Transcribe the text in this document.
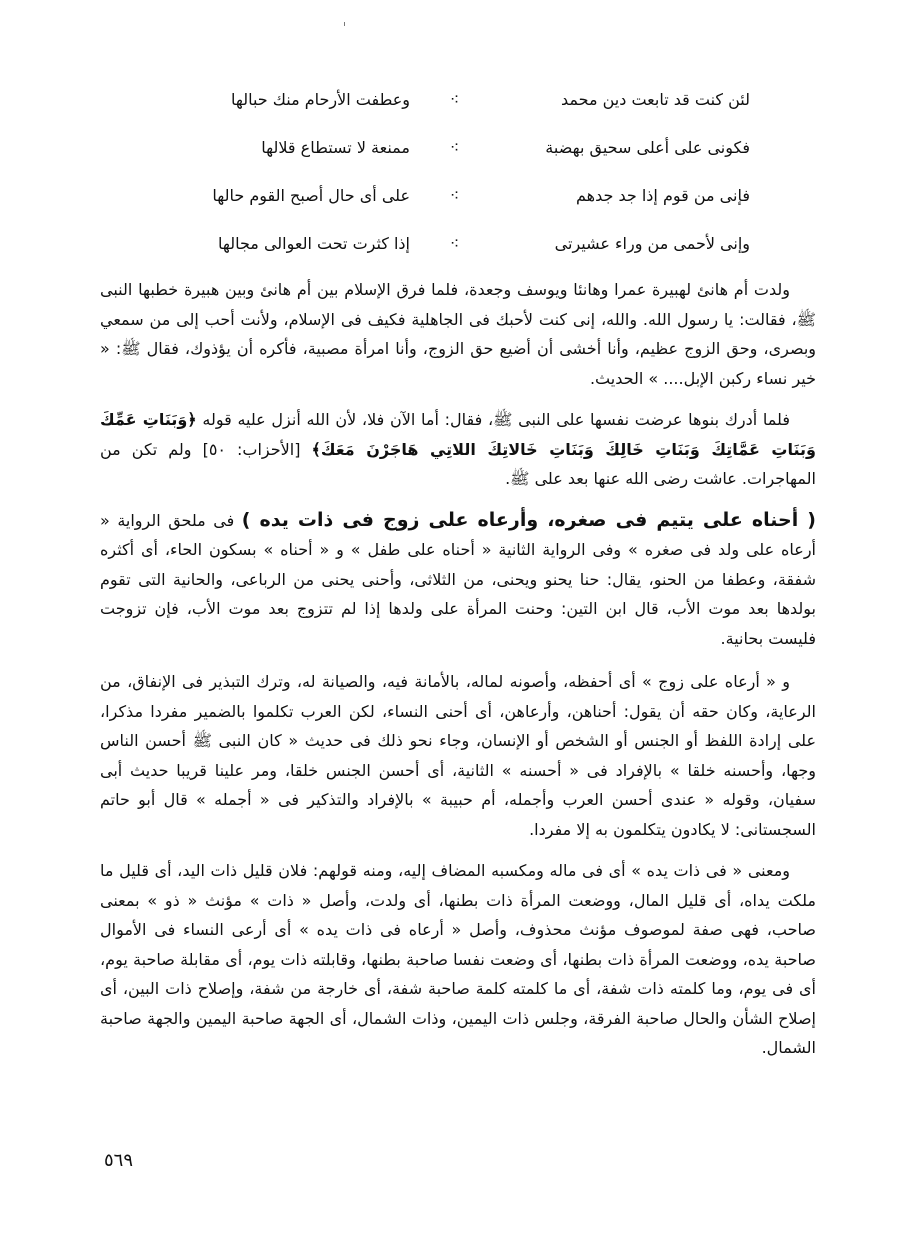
لئن كنت قد تابعت دين محمد
⁖
وعطفت الأرحام منك حبالها
فكونى على أعلى سحيق بهضبة
⁖
ممنعة لا تستطاع قلالها
فإنى من قوم إذا جد جدهم
⁖
على أى حال أصبح القوم حالها
وإنى لأحمى من وراء عشيرتى
⁖
إذا كثرت تحت العوالى مجالها

ولدت أم هانئ لهبيرة عمرا وهانئا ويوسف وجعدة، فلما فرق الإسلام بين أم هانئ وبين هبيرة خطبها النبى ﷺ، فقالت: يا رسول الله. والله، إنى كنت لأحبك فى الجاهلية فكيف فى الإسلام، ولأنت أحب إلى من سمعي وبصرى، وحق الزوج عظيم، وأنا أخشى أن أضيع حق الزوج، وأنا امرأة مصبية، فأكره أن يؤذوك، فقال ﷺ: « خير نساء ركبن الإبل.... » الحديث.

فلما أدرك بنوها عرضت نفسها على النبى ﷺ، فقال: أما الآن فلا، لأن الله أنزل عليه قوله ﴿وَبَنَاتِ عَمِّكَ وَبَنَاتِ عَمَّاتِكَ وَبَنَاتِ خَالِكَ وَبَنَاتِ خَالاتِكَ اللاتِي هَاجَرْنَ مَعَكَ﴾ [الأحزاب: ٥٠] ولم تكن من المهاجرات. عاشت رضى الله عنها بعد على ﷺ.

( أحناه على يتيم فى صغره، وأرعاه على زوج فى ذات يده ) فى ملحق الرواية « أرعاه على ولد فى صغره » وفى الرواية الثانية « أحناه على طفل » و « أحناه » بسكون الحاء، أى أكثره شفقة، وعطفا من الحنو، يقال: حنا يحنو ويحنى، من الثلاثى، وأحنى يحنى من الرباعى، والحانية التى تقوم بولدها بعد موت الأب، قال ابن التين: وحنت المرأة على ولدها إذا لم تتزوج بعد موت الأب، فإن تزوجت فليست بحانية.

و « أرعاه على زوج » أى أحفظه، وأصونه لماله، بالأمانة فيه، والصيانة له، وترك التبذير فى الإنفاق، من الرعاية، وكان حقه أن يقول: أحناهن، وأرعاهن، أى أحنى النساء، لكن العرب تكلموا بالضمير مفردا مذكرا، على إرادة اللفظ أو الجنس أو الشخص أو الإنسان، وجاء نحو ذلك فى حديث « كان النبى ﷺ أحسن الناس وجها، وأحسنه خلقا » بالإفراد فى « أحسنه » الثانية، أى أحسن الجنس خلقا، ومر علينا قريبا حديث أبى سفيان، وقوله « عندى أحسن العرب وأجمله، أم حبيبة » بالإفراد والتذكير فى « أجمله » قال أبو حاتم السجستانى: لا يكادون يتكلمون به إلا مفردا.

ومعنى « فى ذات يده » أى فى ماله ومكسبه المضاف إليه، ومنه قولهم: فلان قليل ذات اليد، أى قليل ما ملكت يداه، أى قليل المال، ووضعت المرأة ذات بطنها، أى ولدت، وأصل « ذات » مؤنث « ذو » بمعنى صاحب، فهى صفة لموصوف مؤنث محذوف، وأصل « أرعاه فى ذات يده » أى أرعى النساء فى الأموال صاحبة يده، ووضعت المرأة ذات بطنها، أى وضعت نفسا صاحبة بطنها، وقابلته ذات يوم، أى مقابلة صاحبة يوم، أى فى يوم، وما كلمته ذات شفة، أى ما كلمته كلمة صاحبة شفة، أى خارجة من شفة، وإصلاح ذات البين، أى إصلاح الشأن والحال صاحبة الفرقة، وجلس ذات اليمين، وذات الشمال، أى الجهة صاحبة اليمين والجهة صاحبة الشمال.

٥٦٩
